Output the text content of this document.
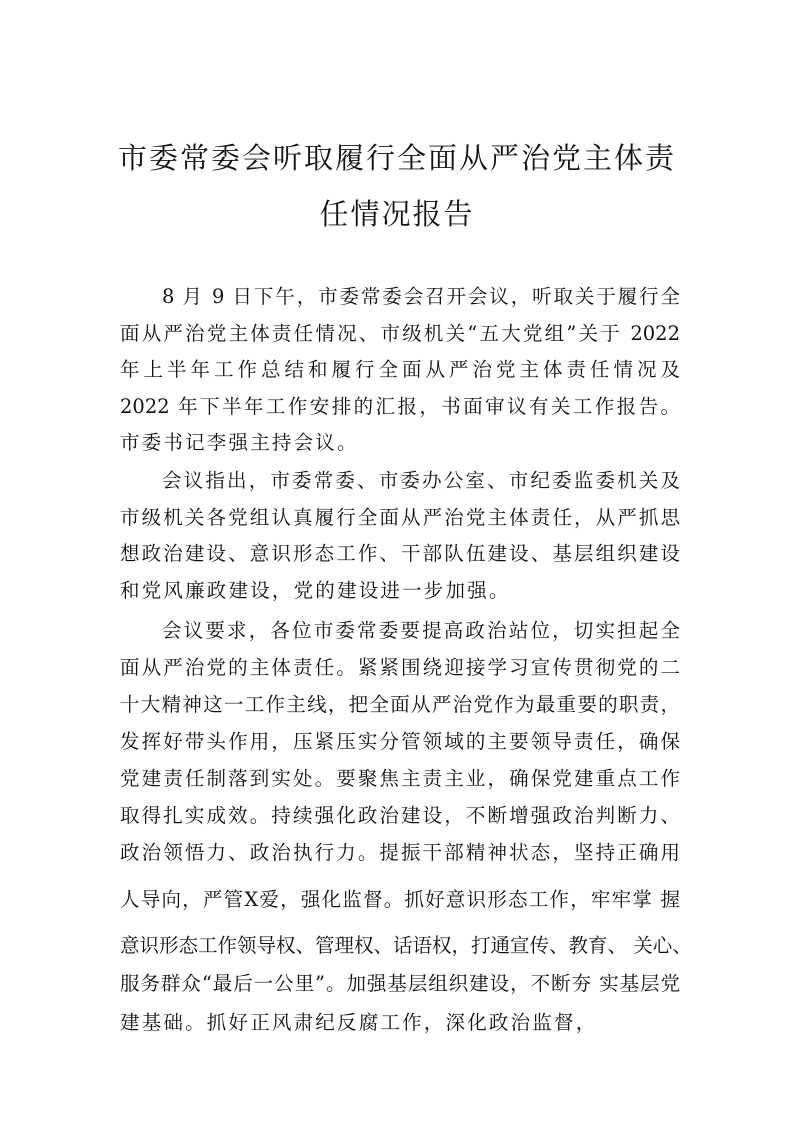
市委常委会听取履行全面从严治党主体责
任情况报告
8 月 9 日下午，市委常委会召开会议，听取关于履行全
面从严治党主体责任情况、市级机关“五大党组”关于 2022
年上半年工作总结和履行全面从严治党主体责任情况及
2022 年下半年工作安排的汇报，书面审议有关工作报告。
市委书记李强主持会议。
会议指出，市委常委、市委办公室、市纪委监委机关及
市级机关各党组认真履行全面从严治党主体责任，从严抓思
想政治建设、意识形态工作、干部队伍建设、基层组织建设
和党风廉政建设，党的建设进一步加强。
会议要求，各位市委常委要提高政治站位，切实担起全
面从严治党的主体责任。紧紧围绕迎接学习宣传贯彻党的二
十大精神这一工作主线，把全面从严治党作为最重要的职责，
发挥好带头作用，压紧压实分管领域的主要领导责任，确保
党建责任制落到实处。要聚焦主责主业，确保党建重点工作
取得扎实成效。持续强化政治建设，不断增强政治判断力、
政治领悟力、政治执行力。提振干部精神状态，坚持正确用
人导向，严管X爱，强化监督。抓好意识形态工作，牢牢掌 握
意识形态工作领导权、管理权、话语权，打通宣传、教育、 关心、
服务群众“最后一公里”。加强基层组织建设，不断夯 实基层党
建基础。抓好正风肃纪反腐工作，深化政治监督，
